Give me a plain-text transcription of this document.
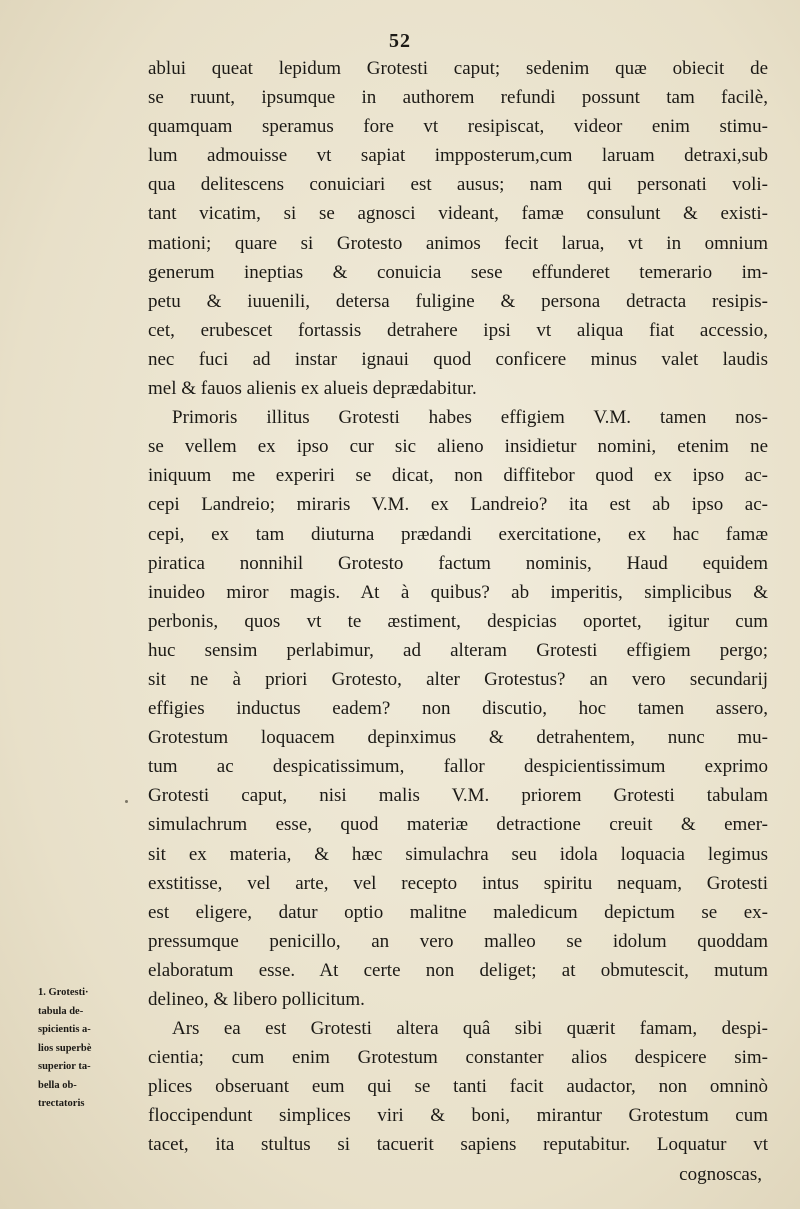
52
ablui queat lepidum Grotesti caput; sedenim quæ obiecit de
se ruunt, ipsumque in authorem refundi possunt tam facilè,
quamquam speramus fore vt resipiscat, videor enim stimu-
lum admouisse vt sapiat impposterum,cum laruam detraxi,sub
qua delitescens conuiciari est ausus; nam qui personati voli-
tant vicatim, si se agnosci videant, famæ consulunt & existi-
mationi; quare si Grotesto animos fecit larua, vt in omnium
generum ineptias & conuicia sese effunderet temerario im-
petu & iuuenili, detersa fuligine & persona detracta resipis-
cet, erubescet fortassis detrahere ipsi vt aliqua fiat accessio,
nec fuci ad instar ignaui quod conficere minus valet laudis
mel & fauos alienis ex alueis deprædabitur.
Primoris illitus Grotesti habes effigiem V.M. tamen nos-
se vellem ex ipso cur sic alieno insidietur nomini, etenim ne
iniquum me experiri se dicat, non diffitebor quod ex ipso ac-
cepi Landreio; miraris V.M. ex Landreio? ita est ab ipso ac-
cepi, ex tam diuturna prædandi exercitatione, ex hac famæ
piratica nonnihil Grotesto factum nominis, Haud equidem
inuideo miror magis. At à quibus? ab imperitis, simplicibus &
perbonis, quos vt te æstiment, despicias oportet, igitur cum
huc sensim perlabimur, ad alteram Grotesti effigiem pergo;
sit ne à priori Grotesto, alter Grotestus? an vero secundarij
effigies inductus eadem? non discutio, hoc tamen assero,
Grotestum loquacem depinximus & detrahentem, nunc mu-
tum ac despicatissimum, fallor despicientissimum exprimo
Grotesti caput, nisi malis V.M. priorem Grotesti tabulam
simulachrum esse, quod materiæ detractione creuit & emer-
sit ex materia, & hæc simulachra seu idola loquacia legimus
exstitisse, vel arte, vel recepto intus spiritu nequam, Grotesti
est eligere, datur optio malitne maledicum depictum se ex-
pressumque penicillo, an vero malleo se idolum quoddam
elaboratum esse. At certe non deliget; at obmutescit, mutum
delineo, & libero pollicitum.
Ars ea est Grotesti altera quâ sibi quærit famam, despi-
cientia; cum enim Grotestum constanter alios despicere sim-
plices obseruant eum qui se tanti facit audactor, non omninò
floccipendunt simplices viri & boni, mirantur Grotestum cum
tacet, ita stultus si tacuerit sapiens reputabitur. Loquatur vt
cognoscas,
1. Grotesti·
tabula de-
spicientis a-
lios superbè
superior ta-
bella ob-
trectatoris
